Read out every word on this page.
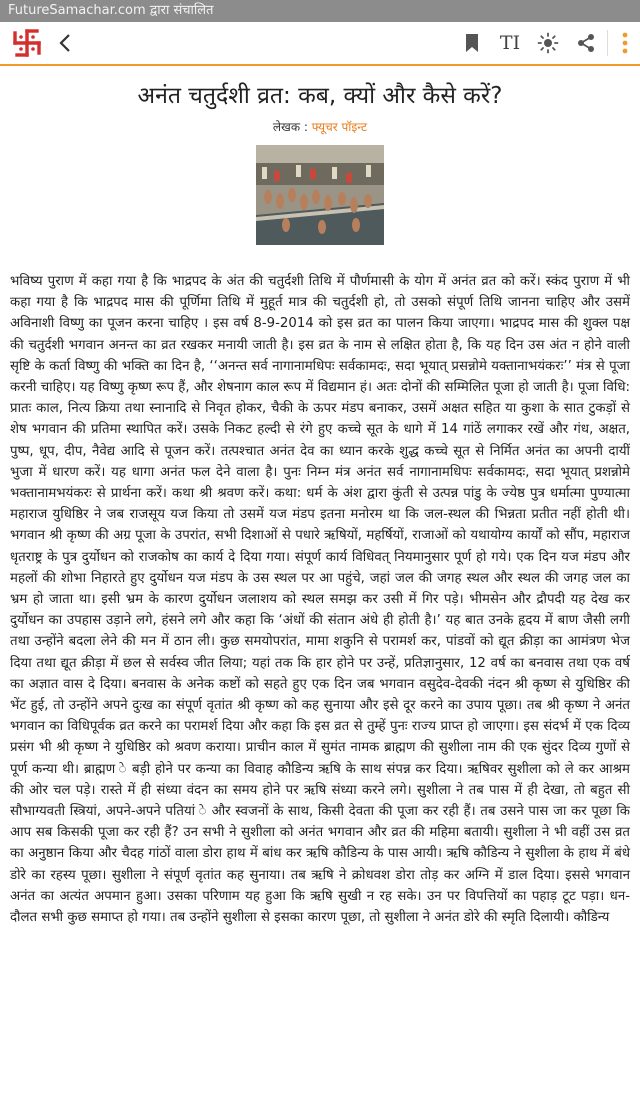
FutureSamachar.com द्वारा संचालित
TI
अनंत चतुर्दशी व्रत: कब, क्यों और कैसे करें?
लेखक : फ्यूचर पॉइन्ट

भविष्य पुराण में कहा गया है कि भाद्रपद के अंत की चतुर्दशी तिथि में पौर्णमासी के योग में अनंत व्रत को करें। स्कंद पुराण में भी कहा गया है कि भाद्रपद मास की पूर्णिमा तिथि में मुहूर्त मात्र की चतुर्दशी हो, तो उसको संपूर्ण तिथि जानना चाहिए और उसमें अविनाशी विष्णु का पूजन करना चाहिए । इस वर्ष 8-9-2014 को इस व्रत का पालन किया जाएगा। भाद्रपद मास की शुक्ल पक्ष की चतुर्दशी भगवान अनन्त का व्रत रखकर मनायी जाती है। इस व्रत के नाम से लक्षित होता है, कि यह दिन उस अंत न होने वाली सृष्टि के कर्ता विष्णु की भक्ति का दिन है, ‘‘अनन्त सर्व नागानामधिपः सर्वकामदः, सदा भूयात् प्रसन्नोमे यक्तानाभयंकरः’’ मंत्र से पूजा करनी चाहिए। यह विष्णु कृष्ण रूप हैं, और शेषनाग काल रूप में विद्यमान हं। अतः दोनों की सम्मिलित पूजा हो जाती है। पूजा विधि: प्रातः काल, नित्य क्रिया तथा स्नानादि से निवृत होकर, चैकी के ऊपर मंडप बनाकर, उसमें अक्षत सहित या कुशा के सात टुकड़ों से शेष भगवान की प्रतिमा स्थापित करें। उसके निकट हल्दी से रंगे हुए कच्चे सूत के धागे में 14 गांठें लगाकर रखें और गंध, अक्षत, पुष्प, धूप, दीप, नैवेद्य आदि से पूजन करें। तत्पश्चात अनंत देव का ध्यान करके शुद्ध कच्चे सूत से निर्मित अनंत का अपनी दायीं भुजा में धारण करें। यह धागा अनंत फल देने वाला है। पुनः निम्न मंत्र अनंत सर्व नागानामधिपः सर्वकामदः, सदा भूयात् प्रशन्नोमे भक्तानामभयंकरः से प्रार्थना करें। कथा श्री श्रवण करें। कथा: धर्म के अंश द्वारा कुंती से उत्पन्न पांडु के ज्येष्ठ पुत्र धर्मात्मा पुण्यात्मा महाराज युधिष्ठिर ने जब राजसूय यज किया तो उसमें यज मंडप इतना मनोरम था कि जल-स्थल की भिन्नता प्रतीत नहीं होती थी। भगवान श्री कृष्ण की अग्र पूजा के उपरांत, सभी दिशाओं से पधारे ऋषियों, महर्षियों, राजाओं को यथायोग्य कार्यों को सौंप, महाराज धृतराष्ट्र के पुत्र दुर्योधन को राजकोष का कार्य दे दिया गया। संपूर्ण कार्य विधिवत् नियमानुसार पूर्ण हो गये। एक दिन यज मंडप और महलों की शोभा निहारते हुए दुर्योधन यज मंडप के उस स्थल पर आ पहुंचे, जहां जल की जगह स्थल और स्थल की जगह जल का भ्रम हो जाता था। इसी भ्रम के कारण दुर्योधन जलाशय को स्थल समझ कर उसी में गिर पड़े। भीमसेन और द्रौपदी यह देख कर दुर्योधन का उपहास उड़ाने लगे, हंसने लगे और कहा कि ‘अंधों की संतान अंधे ही होती है।’ यह बात उनके हृदय में बाण जैसी लगी तथा उन्होंने बदला लेने की मन में ठान ली। कुछ समयोपरांत, मामा शकुनि से परामर्श कर, पांडवों को द्यूत क्रीड़ा का आमंत्रण भेज दिया तथा द्यूत क्रीड़ा में छल से सर्वस्व जीत लिया; यहां तक कि हार होने पर उन्हें, प्रतिज्ञानुसार, 12 वर्ष का बनवास तथा एक वर्ष का अज्ञात वास दे दिया। बनवास के अनेक कष्टों को सहते हुए एक दिन जब भगवान वसुदेव-देवकी नंदन श्री कृष्ण से युधिष्ठिर की भेंट हुई, तो उन्होंने अपने दुःख का संपूर्ण वृतांत श्री कृष्ण को कह सुनाया और इसे दूर करने का उपाय पूछा। तब श्री कृष्ण ने अनंत भगवान का विधिपूर्वक व्रत करने का परामर्श दिया और कहा कि इस व्रत से तुम्हें पुनः राज्य प्राप्त हो जाएगा। इस संदर्भ में एक दिव्य प्रसंग भी श्री कृष्ण ने युधिष्ठिर को श्रवण कराया। प्राचीन काल में सुमंत नामक ब्राह्मण की सुशीला नाम की एक सुंदर दिव्य गुणों से पूर्ण कन्या थी। ब्राह्मण े बड़ी होने पर कन्या का विवाह कौडिन्य ऋषि के साथ संपन्न कर दिया। ऋषिवर सुशीला को ले कर आश्रम की ओर चल पड़े। रास्ते में ही संध्या वंदन का समय होने पर ऋषि संध्या करने लगे। सुशीला ने तब पास में ही देखा, तो बहुत सी सौभाग्यवती स्त्रियां, अपने-अपने पतियां े और स्वजनों के साथ, किसी देवता की पूजा कर रही हैं। तब उसने पास जा कर पूछा कि आप सब किसकी पूजा कर रही हैं? उन सभी ने सुशीला को अनंत भगवान और व्रत की महिमा बतायी। सुशीला ने भी वहीं उस व्रत का अनुष्ठान किया और चैदह गांठों वाला डोरा हाथ में बांध कर ऋषि कौडिन्य के पास आयी। ऋषि कौडिन्य ने सुशीला के हाथ में बंधे डोरे का रहस्य पूछा। सुशीला ने संपूर्ण वृतांत कह सुनाया। तब ऋषि ने क्रोधवश डोरा तोड़ कर अग्नि में डाल दिया। इससे भगवान अनंत का अत्यंत अपमान हुआ। उसका परिणाम यह हुआ कि ऋषि सुखी न रह सके। उन पर विपत्तियों का पहाड़ टूट पड़ा। धन-दौलत सभी कुछ समाप्त हो गया। तब उन्होंने सुशीला से इसका कारण पूछा, तो सुशीला ने अनंत डोरे की स्मृति दिलायी। कौडिन्य
